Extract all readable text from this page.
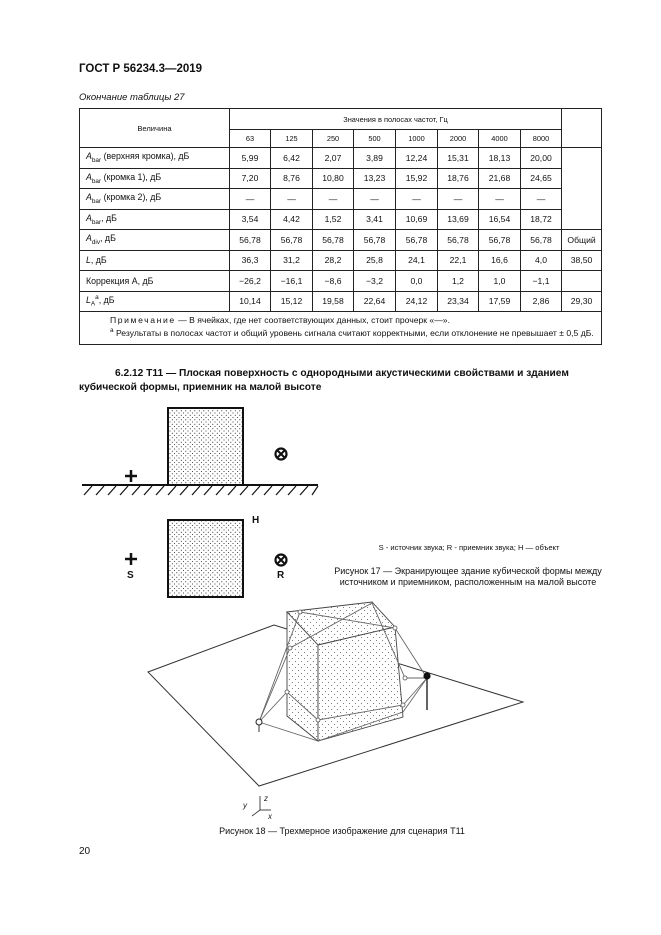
ГОСТ Р 56234.3—2019
Окончание таблицы 27
Величина	Значения в полосах частот, Гц								
	63	125	250	500	1000	2000	4000	8000	
$A_{bar}$ (верхняя кромка), дБ	5,99	6,42	2,07	3,89	12,24	15,31	18,13	20,00	
$A_{bar}$ (кромка 1), дБ	7,20	8,76	10,80	13,23	15,92	18,76	21,68	24,65	
$A_{bar}$ (кромка 2), дБ	—	—	—	—	—	—	—	—	
$A_{bar}$, дБ	3,54	4,42	1,52	3,41	10,69	13,69	16,54	18,72	
$A_{div}$, дБ	56,78	56,78	56,78	56,78	56,78	56,78	56,78	56,78	Общий
L, дБ	36,3	31,2	28,2	25,8	24,1	22,1	16,6	4,0	38,50
Коррекция А, дБ	−26,2	−16,1	−8,6	−3,2	0,0	1,2	1,0	−1,1	
$L_A^a$, дБ	10,14	15,12	19,58	22,64	24,12	23,34	17,59	2,86	29,30

Примечание — В ячейках, где нет соответствующих данных, стоит прочерк «—».
$^a$ Результаты в полосах частот и общий уровень сигнала считают корректными, если отклонение не превышает ± 0,5 дБ.									
6.2.12 Т11 — Плоская поверхность с однородными акустическими свойствами и зданием кубической формы, приемник на малой высоте
H
S	R
z
x
y
S - источник звука; R - приемник звука; H — объект
Рисунок 17 — Экранирующее здание кубической формы между источником и приемником, расположенным на малой высоте
Рисунок 18 — Трехмерное изображение для сценария Т11
20
